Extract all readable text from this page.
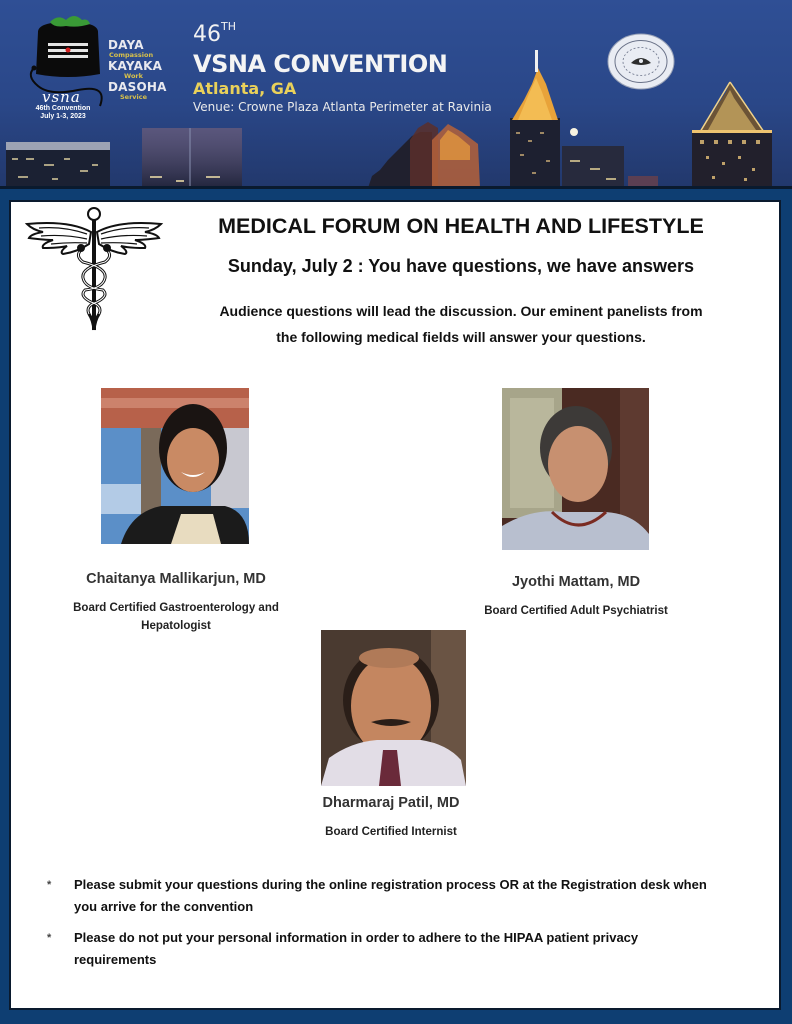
DAYA
Compassion
KAYAKA
Work
DASOHA
Service
vsna
46th Convention
July 1-3, 2023
46TH
VSNA CONVENTION
Atlanta, GA
Venue: Crowne Plaza Atlanta Perimeter at Ravinia
MEDICAL FORUM ON HEALTH AND LIFESTYLE
Sunday, July 2 : You have questions, we have answers
Audience questions will lead the discussion. Our eminent panelists from
the following medical fields will answer your questions.
Chaitanya Mallikarjun, MD
Board Certified Gastroenterology and
Hepatologist
Jyothi Mattam, MD
Board Certified Adult Psychiatrist
Dharmaraj Patil, MD
Board Certified Internist
* Please submit your questions during the online registration process OR at the Registration desk when
you arrive for the convention
* Please do not put your personal information in order to adhere to the HIPAA patient privacy
requirements
